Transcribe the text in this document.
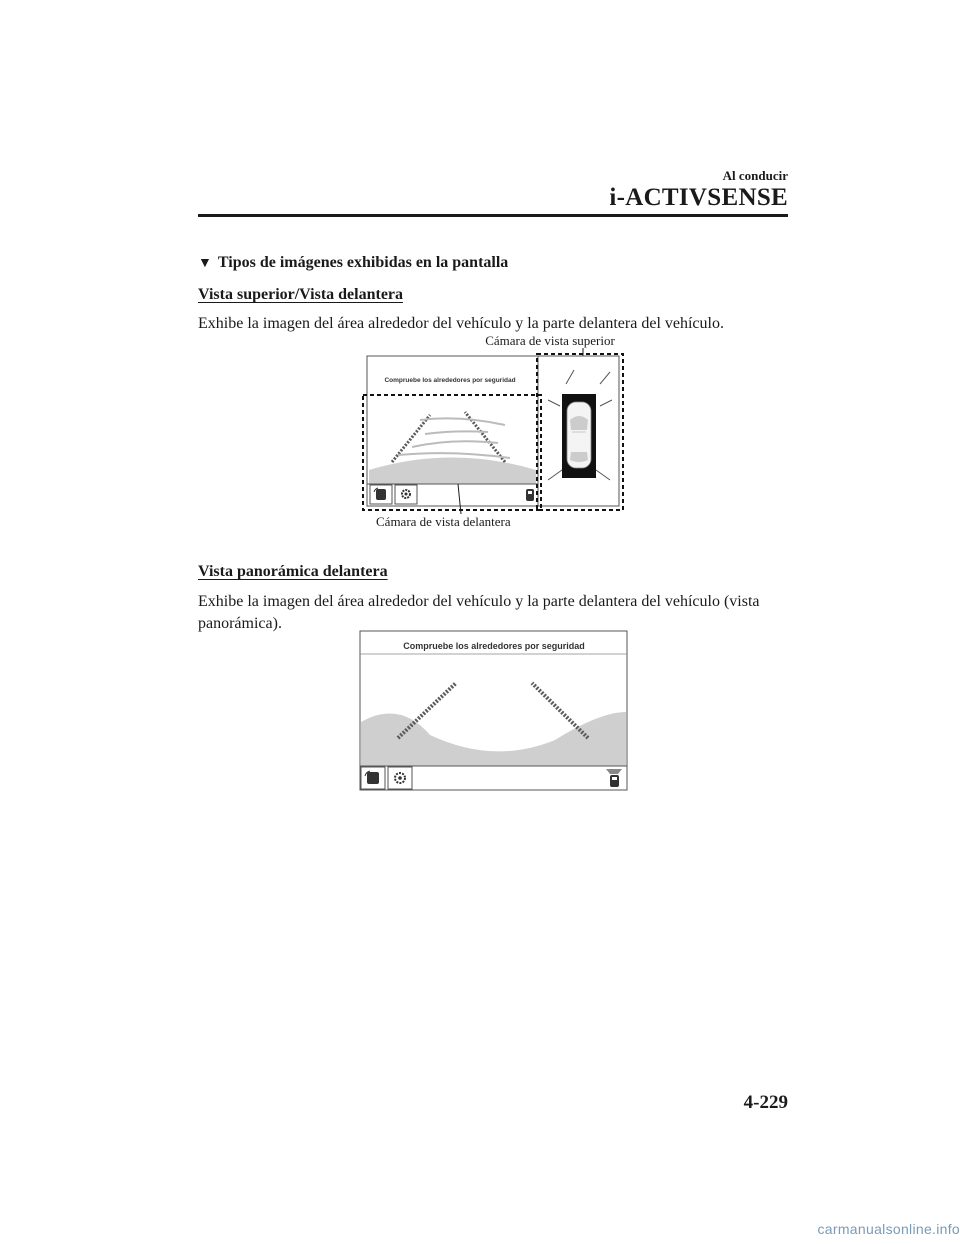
Al conducir
i-ACTIVSENSE
▼ Tipos de imágenes exhibidas en la pantalla
Vista superior/Vista delantera
Exhibe la imagen del área alrededor del vehículo y la parte delantera del vehículo.
Cámara de vista superior
Compruebe los alrededores por seguridad
Cámara de vista delantera
Vista panorámica delantera
Exhibe la imagen del área alrededor del vehículo y la parte delantera del vehículo (vista panorámica).
Compruebe los alrededores por seguridad
4-229
carmanualsonline.info
